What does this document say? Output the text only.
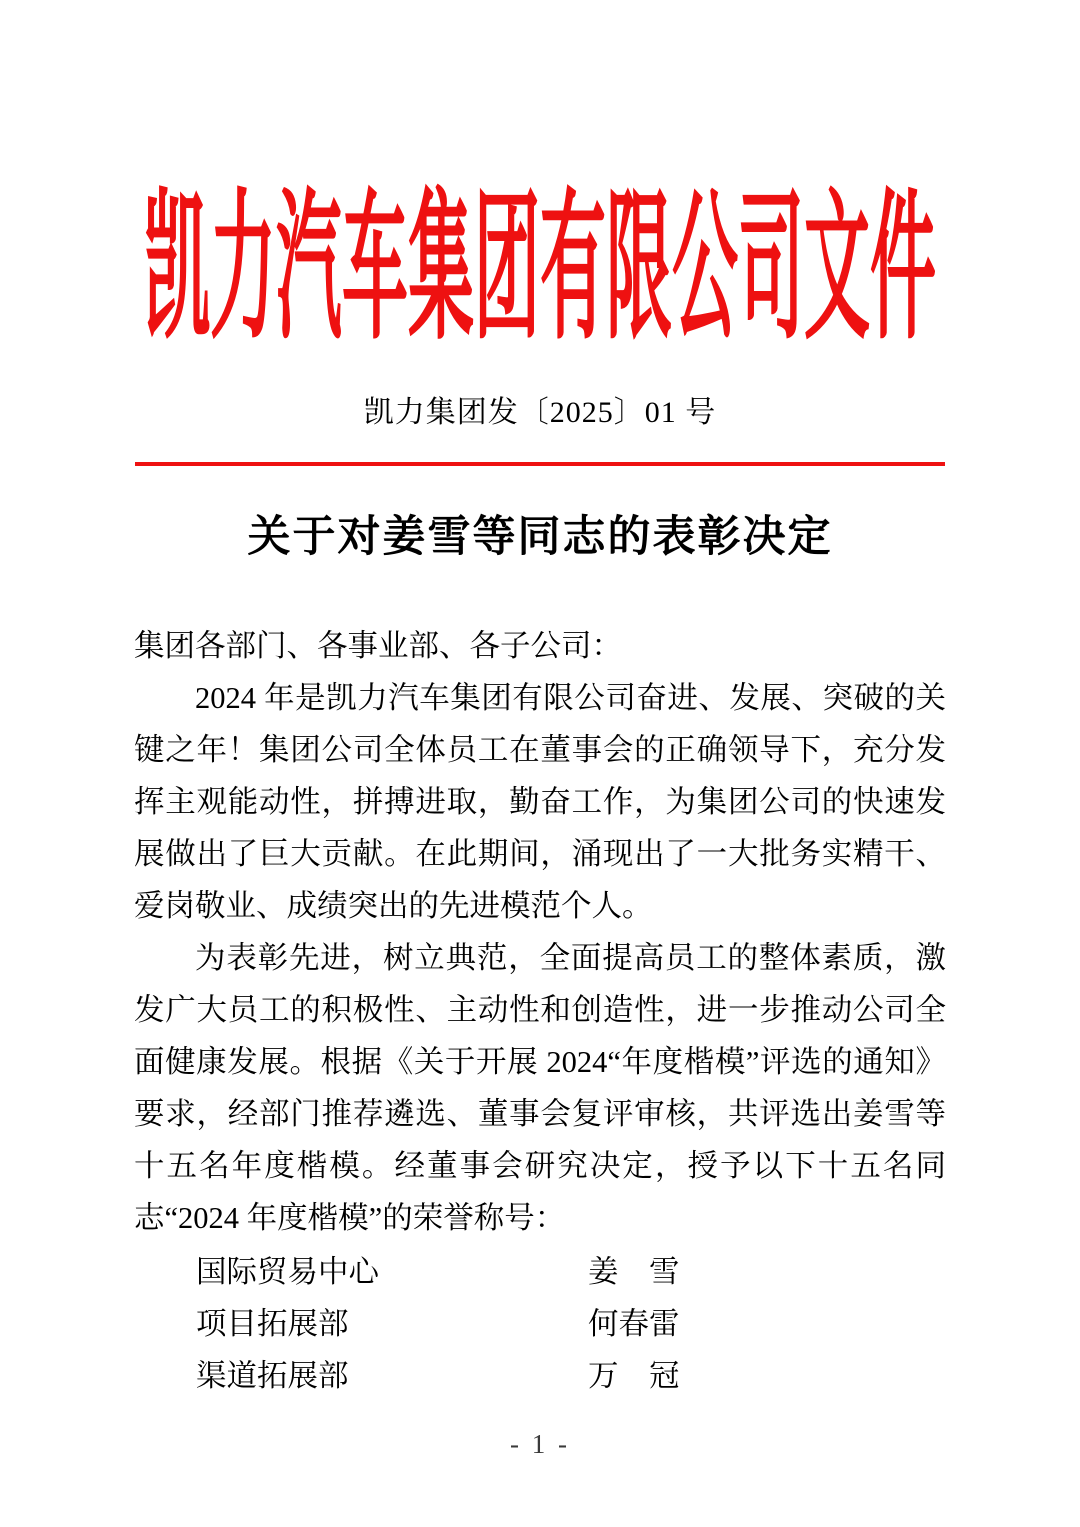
凯力汽车集团有限公司文件
凯力集团发〔2025〕01 号
关于对姜雪等同志的表彰决定

集团各部门、各事业部、各子公司：

2024 年是凯力汽车集团有限公司奋进、发展、突破的关键之年！集团公司全体员工在董事会的正确领导下，充分发挥主观能动性，拼搏进取，勤奋工作，为集团公司的快速发展做出了巨大贡献。在此期间，涌现出了一大批务实精干、爱岗敬业、成绩突出的先进模范个人。

为表彰先进，树立典范，全面提高员工的整体素质，激发广大员工的积极性、主动性和创造性，进一步推动公司全面健康发展。根据《关于开展 2024“年度楷模”评选的通知》要求，经部门推荐遴选、董事会复评审核，共评选出姜雪等十五名年度楷模。经董事会研究决定，授予以下十五名同志“2024 年度楷模”的荣誉称号：

国际贸易中心	姜　雪
项目拓展部	何春雷
渠道拓展部	万　冠
- 1 -
